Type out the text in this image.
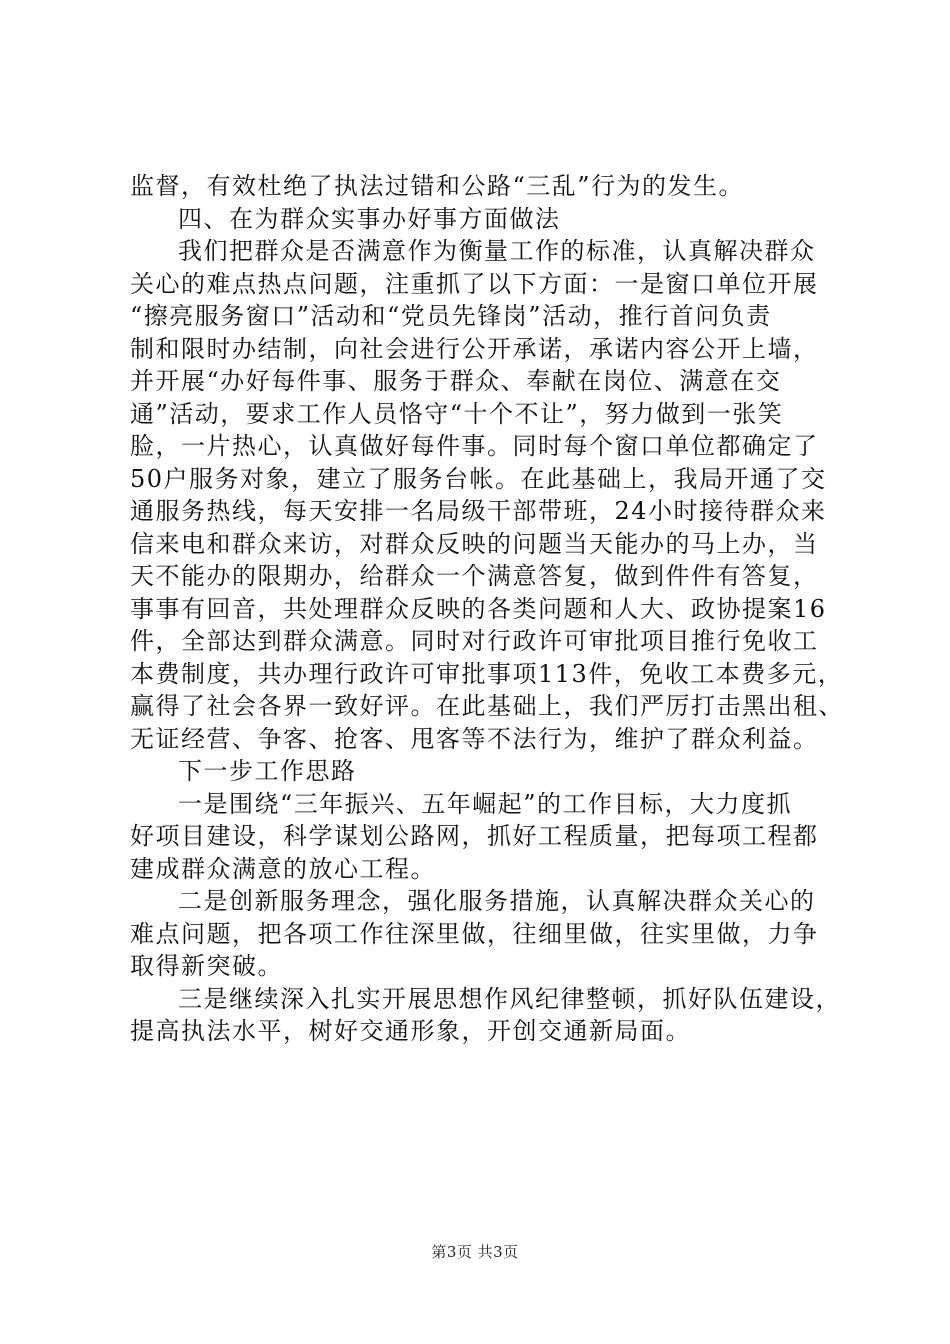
监督，有效杜绝了执法过错和公路“三乱”行为的发生。
四、在为群众实事办好事方面做法
我们把群众是否满意作为衡量工作的标准，认真解决群众
关心的难点热点问题，注重抓了以下方面：一是窗口单位开展
“擦亮服务窗口”活动和“党员先锋岗”活动，推行首问负责
制和限时办结制，向社会进行公开承诺，承诺内容公开上墙，
并开展“办好每件事、服务于群众、奉献在岗位、满意在交
通”活动，要求工作人员恪守“十个不让”，努力做到一张笑
脸，一片热心，认真做好每件事。同时每个窗口单位都确定了
50户服务对象，建立了服务台帐。在此基础上，我局开通了交
通服务热线，每天安排一名局级干部带班，24小时接待群众来
信来电和群众来访，对群众反映的问题当天能办的马上办，当
天不能办的限期办，给群众一个满意答复，做到件件有答复，
事事有回音，共处理群众反映的各类问题和人大、政协提案16
件，全部达到群众满意。同时对行政许可审批项目推行免收工
本费制度，共办理行政许可审批事项113件，免收工本费多元，
赢得了社会各界一致好评。在此基础上，我们严厉打击黑出租、
无证经营、争客、抢客、甩客等不法行为，维护了群众利益。
下一步工作思路
一是围绕“三年振兴、五年崛起”的工作目标，大力度抓
好项目建设，科学谋划公路网，抓好工程质量，把每项工程都
建成群众满意的放心工程。
二是创新服务理念，强化服务措施，认真解决群众关心的
难点问题，把各项工作往深里做，往细里做，往实里做，力争
取得新突破。
三是继续深入扎实开展思想作风纪律整顿，抓好队伍建设，
提高执法水平，树好交通形象，开创交通新局面。
第3页 共3页
